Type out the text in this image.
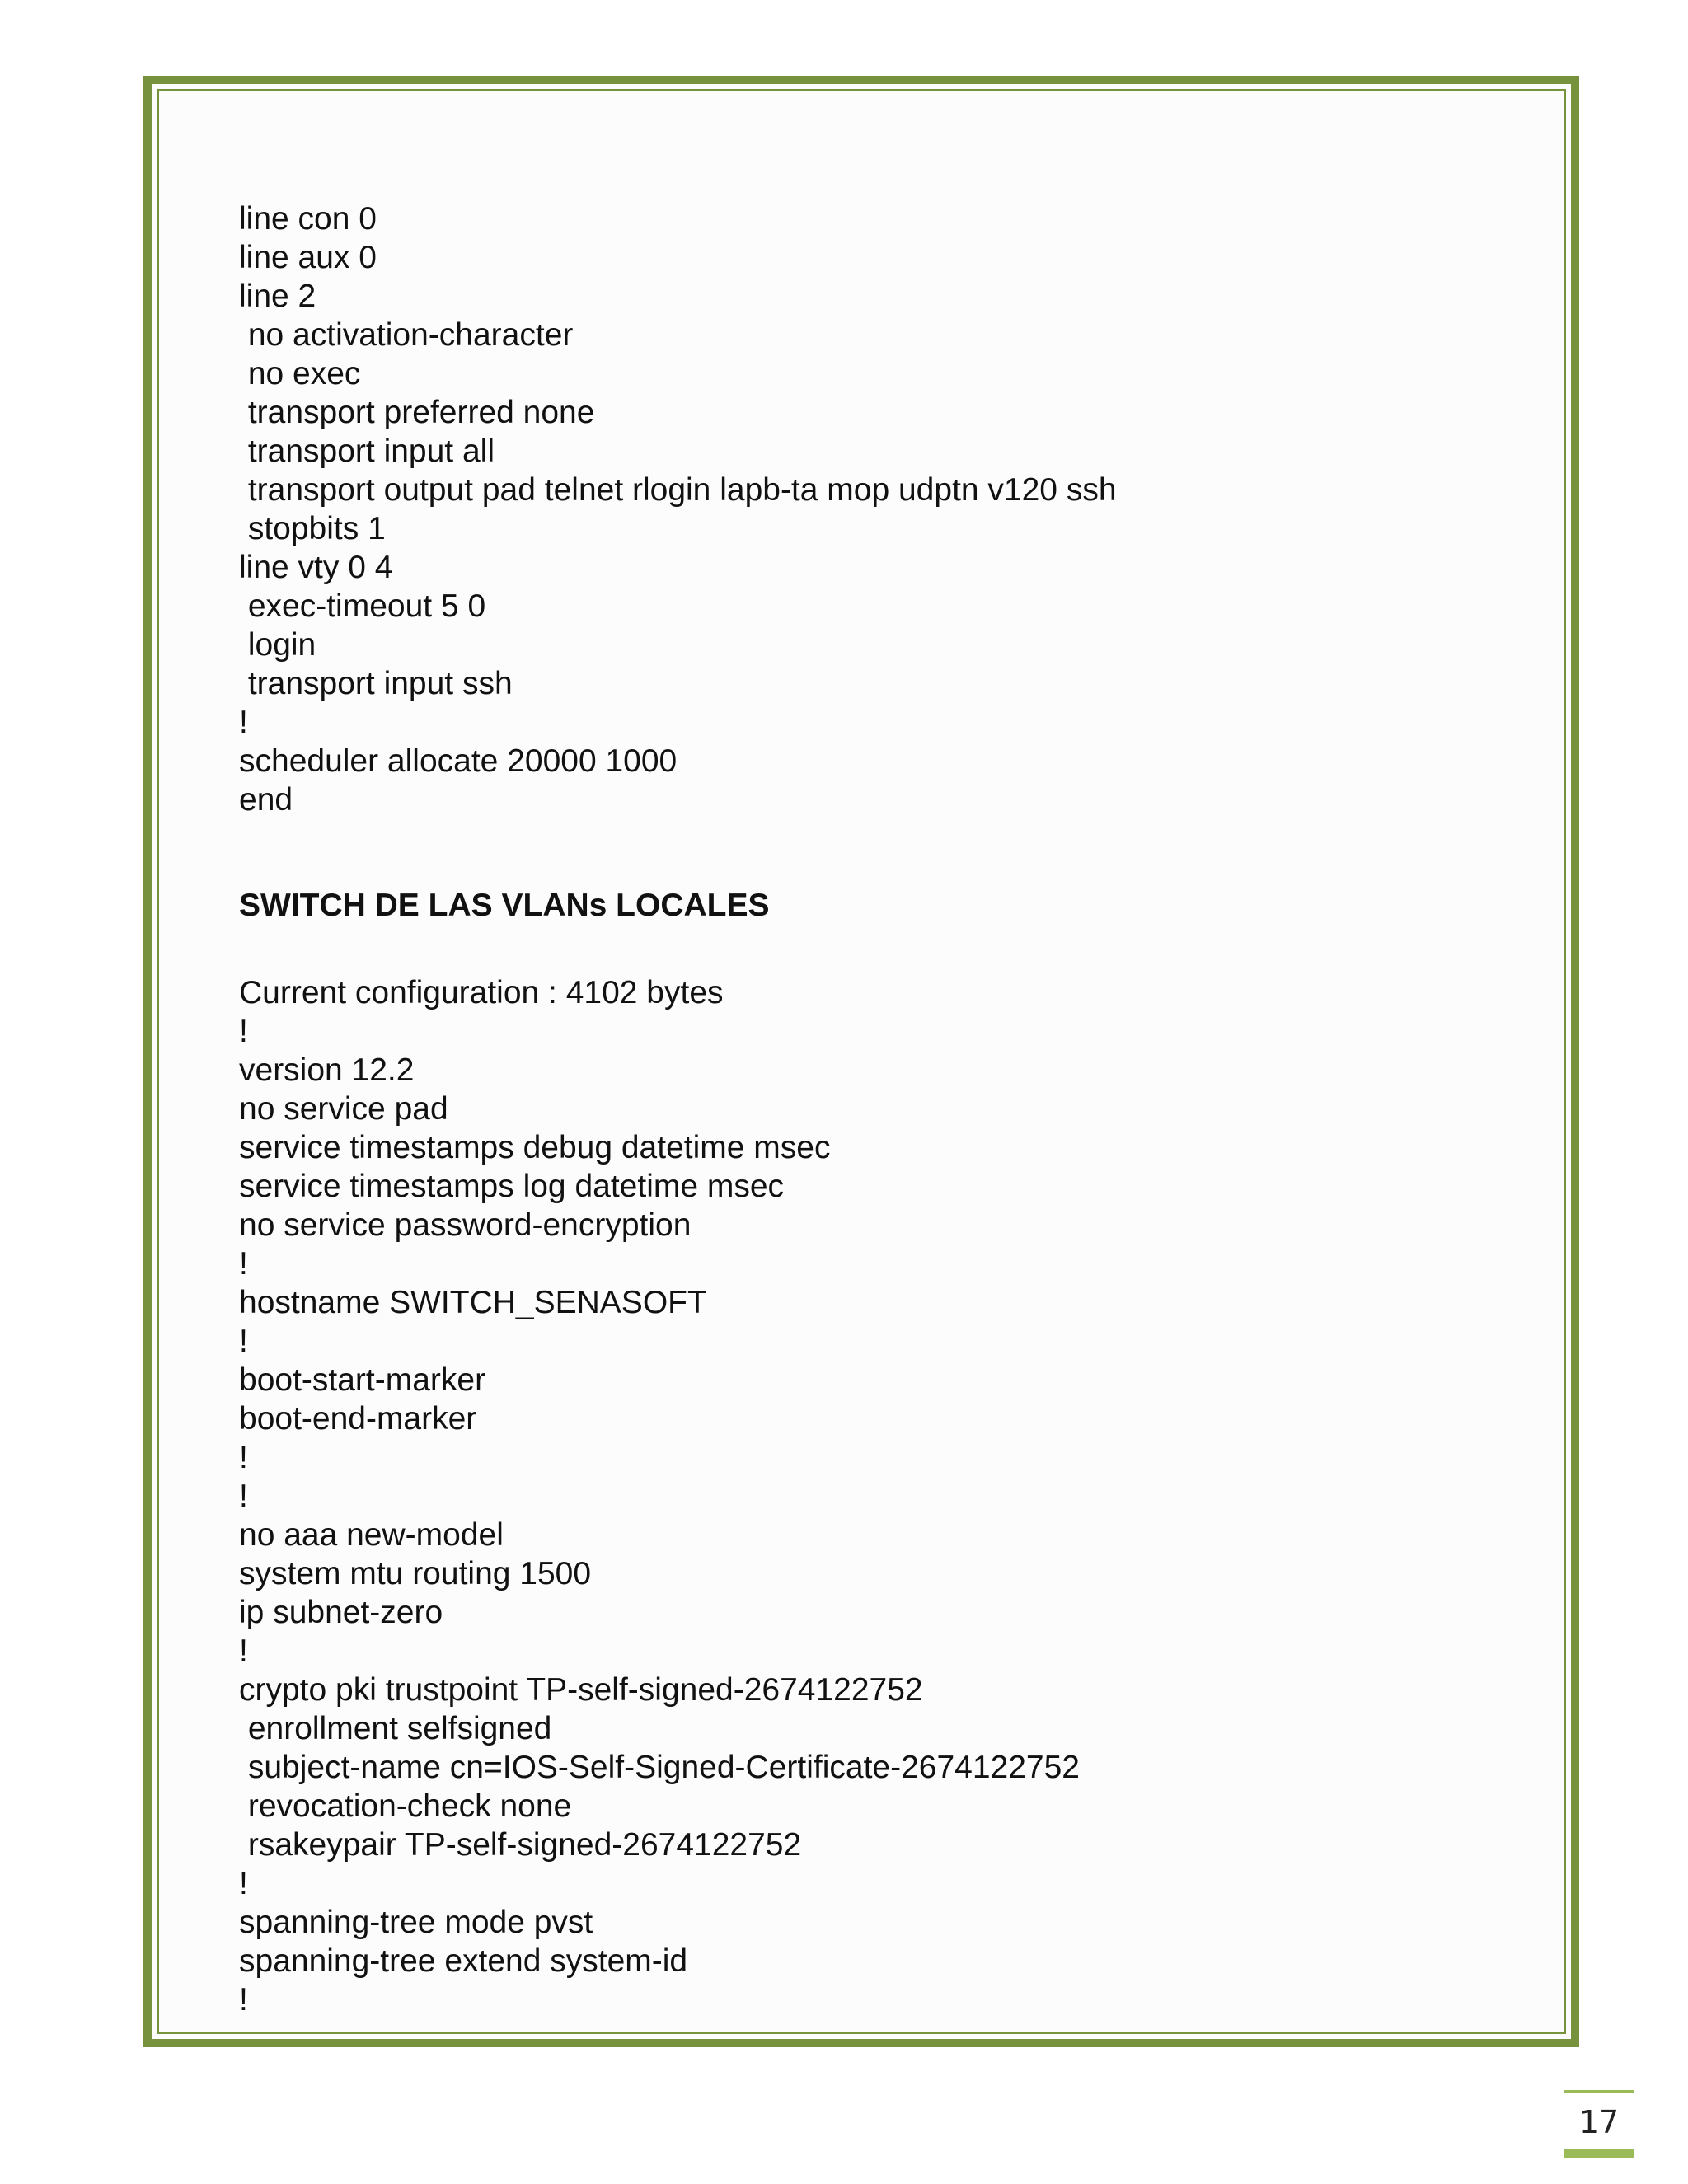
line con 0
line aux 0
line 2
no activation-character
no exec
transport preferred none
transport input all
transport output pad telnet rlogin lapb-ta mop udptn v120 ssh
stopbits 1
line vty 0 4
exec-timeout 5 0
login
transport input ssh
!
scheduler allocate 20000 1000
end
SWITCH DE LAS VLANs LOCALES
Current configuration : 4102 bytes
!
version 12.2
no service pad
service timestamps debug datetime msec
service timestamps log datetime msec
no service password-encryption
!
hostname SWITCH_SENASOFT
!
boot-start-marker
boot-end-marker
!
!
no aaa new-model
system mtu routing 1500
ip subnet-zero
!
crypto pki trustpoint TP-self-signed-2674122752
enrollment selfsigned
subject-name cn=IOS-Self-Signed-Certificate-2674122752
revocation-check none
rsakeypair TP-self-signed-2674122752
!
spanning-tree mode pvst
spanning-tree extend system-id
!
17
